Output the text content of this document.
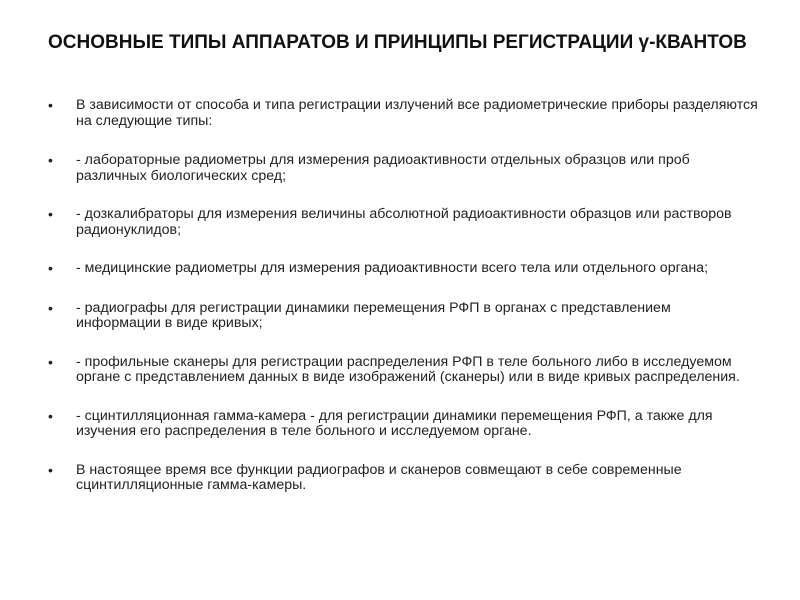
ОСНОВНЫЕ ТИПЫ АППАРАТОВ И ПРИНЦИПЫ РЕГИСТРАЦИИ γ-КВАНТОВ
•	В зависимости от способа и типа регистрации излучений все радиометрические приборы разделяются на следующие типы:
•	- лабораторные радиометры для измерения радиоактивности отдельных образцов или проб различных биологических сред;
•	- дозкалибраторы для измерения величины абсолютной радиоактивности образцов или растворов радионуклидов;
•	- медицинские радиометры для измерения радиоактивности всего тела или отдельного органа;
•	- радиографы для регистрации динамики перемещения РФП в органах с представлением информации в виде кривых;
•	- профильные сканеры для регистрации распределения РФП в теле больного либо в исследуемом органе с представлением данных в виде изображений (сканеры) или в виде кривых распределения.
•	- сцинтилляционная гамма-камера - для регистрации динамики перемещения РФП, а также для изучения его распределения в теле больного и исследуемом органе.
•	В настоящее время все функции радиографов и сканеров совмещают в себе современные сцинтилляционные гамма-камеры.
